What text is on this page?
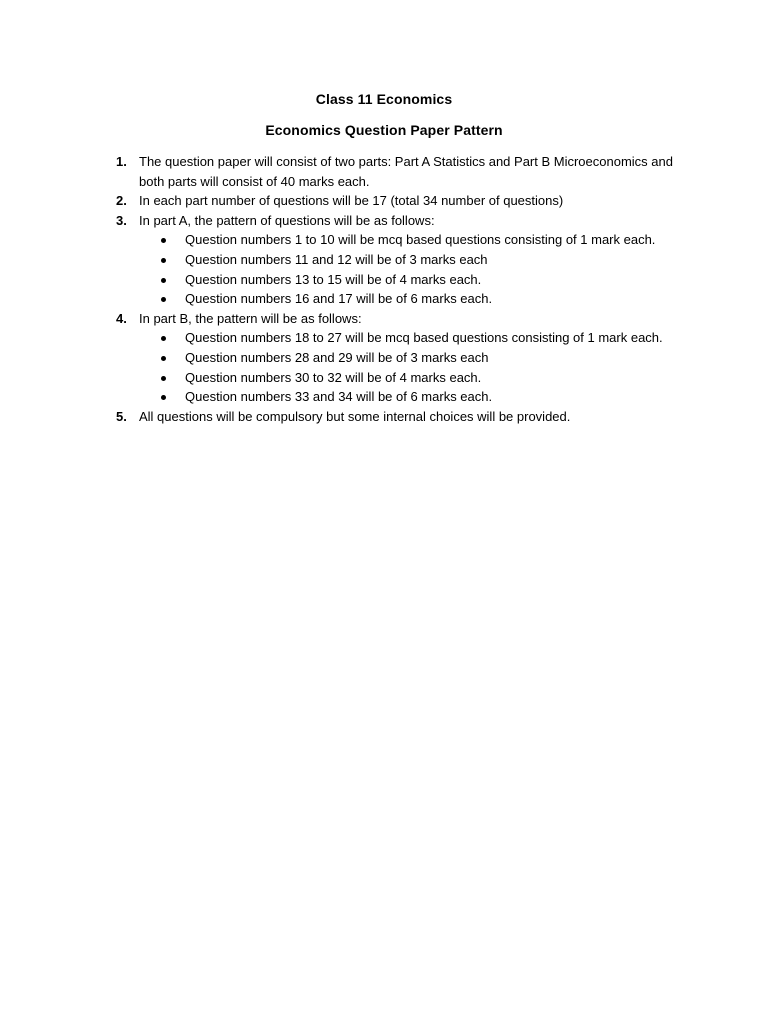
Class 11 Economics
Economics Question Paper Pattern
1. The question paper will consist of two parts: Part A Statistics and Part B Microeconomics and both parts will consist of 40 marks each.
2. In each part number of questions will be 17 (total 34 number of questions)
3. In part A, the pattern of questions will be as follows:
Question numbers 1 to 10 will be mcq based questions consisting of 1 mark each.
Question numbers 11 and 12 will be of 3 marks each
Question numbers 13 to 15 will be of 4 marks each.
Question numbers 16 and 17 will be of 6 marks each.
4. In part B, the pattern will be as follows:
Question numbers 18 to 27 will be mcq based questions consisting of 1 mark each.
Question numbers 28 and 29 will be of 3 marks each
Question numbers 30 to 32 will be of 4 marks each.
Question numbers 33 and 34 will be of 6 marks each.
5. All questions will be compulsory but some internal choices will be provided.
